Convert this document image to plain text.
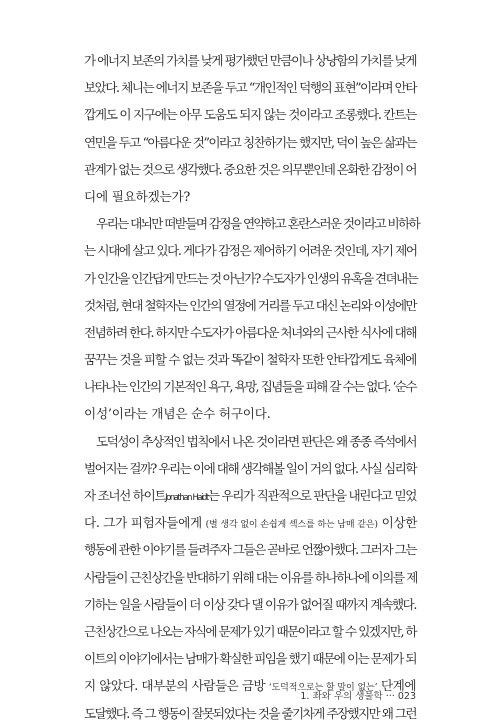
가 에너지 보존의 가치를 낮게 평가했던 만큼이나 상냥함의 가치를 낮게
보았다. 체니는 에너지 보존을 두고 “개인적인 덕행의 표현”이라며 안타
깝게도 이 지구에는 아무 도움도 되지 않는 것이라고 조롱했다. 칸트는
연민을 두고 “아름다운 것”이라고 칭찬하기는 했지만, 덕이 높은 삶과는
관계가 없는 것으로 생각했다. 중요한 것은 의무뿐인데 온화한 감정이 어
디에 필요하겠는가?
우리는 대뇌만 떠받들며 감정을 연약하고 혼란스러운 것이라고 비하하
는 시대에 살고 있다. 게다가 감정은 제어하기 어려운 것인데, 자기 제어
가 인간을 인간답게 만드는 것 아닌가? 수도자가 인생의 유혹을 견뎌내는
것처럼, 현대 철학자는 인간의 열정에 거리를 두고 대신 논리와 이성에만
전념하려 한다. 하지만 수도자가 아름다운 처녀와의 근사한 식사에 대해
꿈꾸는 것을 피할 수 없는 것과 똑같이 철학자 또한 안타깝게도 육체에
나타나는 인간의 기본적인 욕구, 욕망, 집념들을 피해 갈 수는 없다. ‘순수
이성’이라는 개념은 순수 허구이다.
도덕성이 추상적인 법칙에서 나온 것이라면 판단은 왜 종종 즉석에서
벌어지는 걸까? 우리는 이에 대해 생각해볼 일이 거의 없다. 사실 심리학
자 조너선 하이트Jonathan Haidt는 우리가 직관적으로 판단을 내린다고 믿었
다. 그가 피험자들에게 (별 생각 없이 손쉽게 섹스를 하는 남매 같은) 이상한
행동에 관한 이야기를 들려주자 그들은 곧바로 언짢아했다. 그러자 그는
사람들이 근친상간을 반대하기 위해 대는 이유를 하나하나에 이의를 제
기하는 일을 사람들이 더 이상 갖다 댈 이유가 없어질 때까지 계속했다.
근친상간으로 나오는 자식에 문제가 있기 때문이라고 할 수 있겠지만, 하
이트의 이야기에서는 남매가 확실한 피임을 했기 때문에 이는 문제가 되
지 않았다. 대부분의 사람들은 금방 ‘도덕적으로는 할 말이 없는’ 단계에
도달했다. 즉 그 행동이 잘못되었다는 것을 줄기차게 주장했지만 왜 그런
1. 좌와 우의 생물학 ··· 023
